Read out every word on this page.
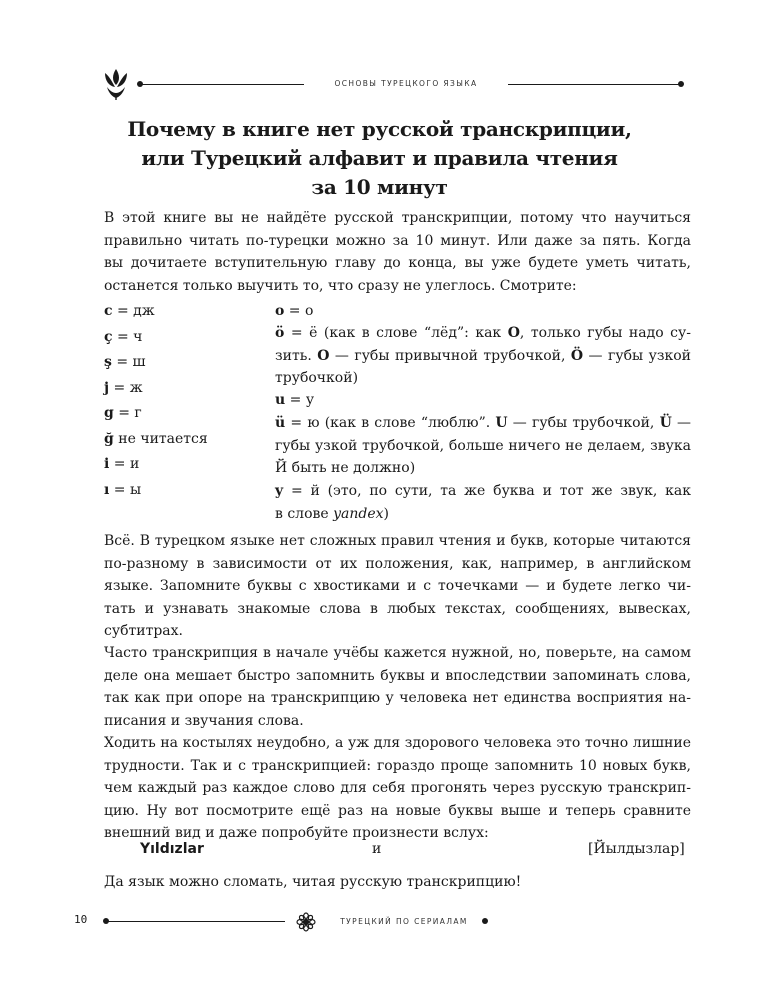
ОСНОВЫ ТУРЕЦКОГО ЯЗЫКА
Почему в книге нет русской транскрипции,
или Турецкий алфавит и правила чтения
за 10 минут

В этой книге вы не найдёте русской транскрипции, потому что научиться
правильно читать по-турецки можно за 10 минут. Или даже за пять. Когда
вы дочитаете вступительную главу до конца, вы уже будете уметь читать,
останется только выучить то, что сразу не улеглось. Смотрите:

c = дж
ç = ч
ş = ш
j = ж
g = г
ğ не читается
i = и
ı = ы
o = о
ö = ё (как в слове “лёд”: как O, только губы надо су-
зить. O — губы привычной трубочкой, Ö — губы узкой
трубочкой)
u = у
ü = ю (как в слове “люблю”. U — губы трубочкой, Ü —
губы узкой трубочкой, больше ничего не делаем, звука
Й быть не должно)
y = й (это, по сути, та же буква и тот же звук, как
в слове yandex)

Всё. В турецком языке нет сложных правил чтения и букв, которые читаются
по-разному в зависимости от их положения, как, например, в английском
языке. Запомните буквы с хвостиками и с точечками — и будете легко чи-
тать и узнавать знакомые слова в любых текстах, сообщениях, вывесках,
субтитрах.

Часто транскрипция в начале учёбы кажется нужной, но, поверьте, на самом
деле она мешает быстро запомнить буквы и впоследствии запоминать слова,
так как при опоре на транскрипцию у человека нет единства восприятия на-
писания и звучания слова.

Ходить на костылях неудобно, а уж для здорового человека это точно лишние
трудности. Так и с транскрипцией: гораздо проще запомнить 10 новых букв,
чем каждый раз каждое слово для себя прогонять через русскую транскрип-
цию. Ну вот посмотрите ещё раз на новые буквы выше и теперь сравните
внешний вид и даже попробуйте произнести вслух:

Yıldızlar	и	[Йылдызлар]

Да язык можно сломать, читая русскую транскрипцию!

10	ТУРЕЦКИЙ ПО СЕРИАЛАМ
